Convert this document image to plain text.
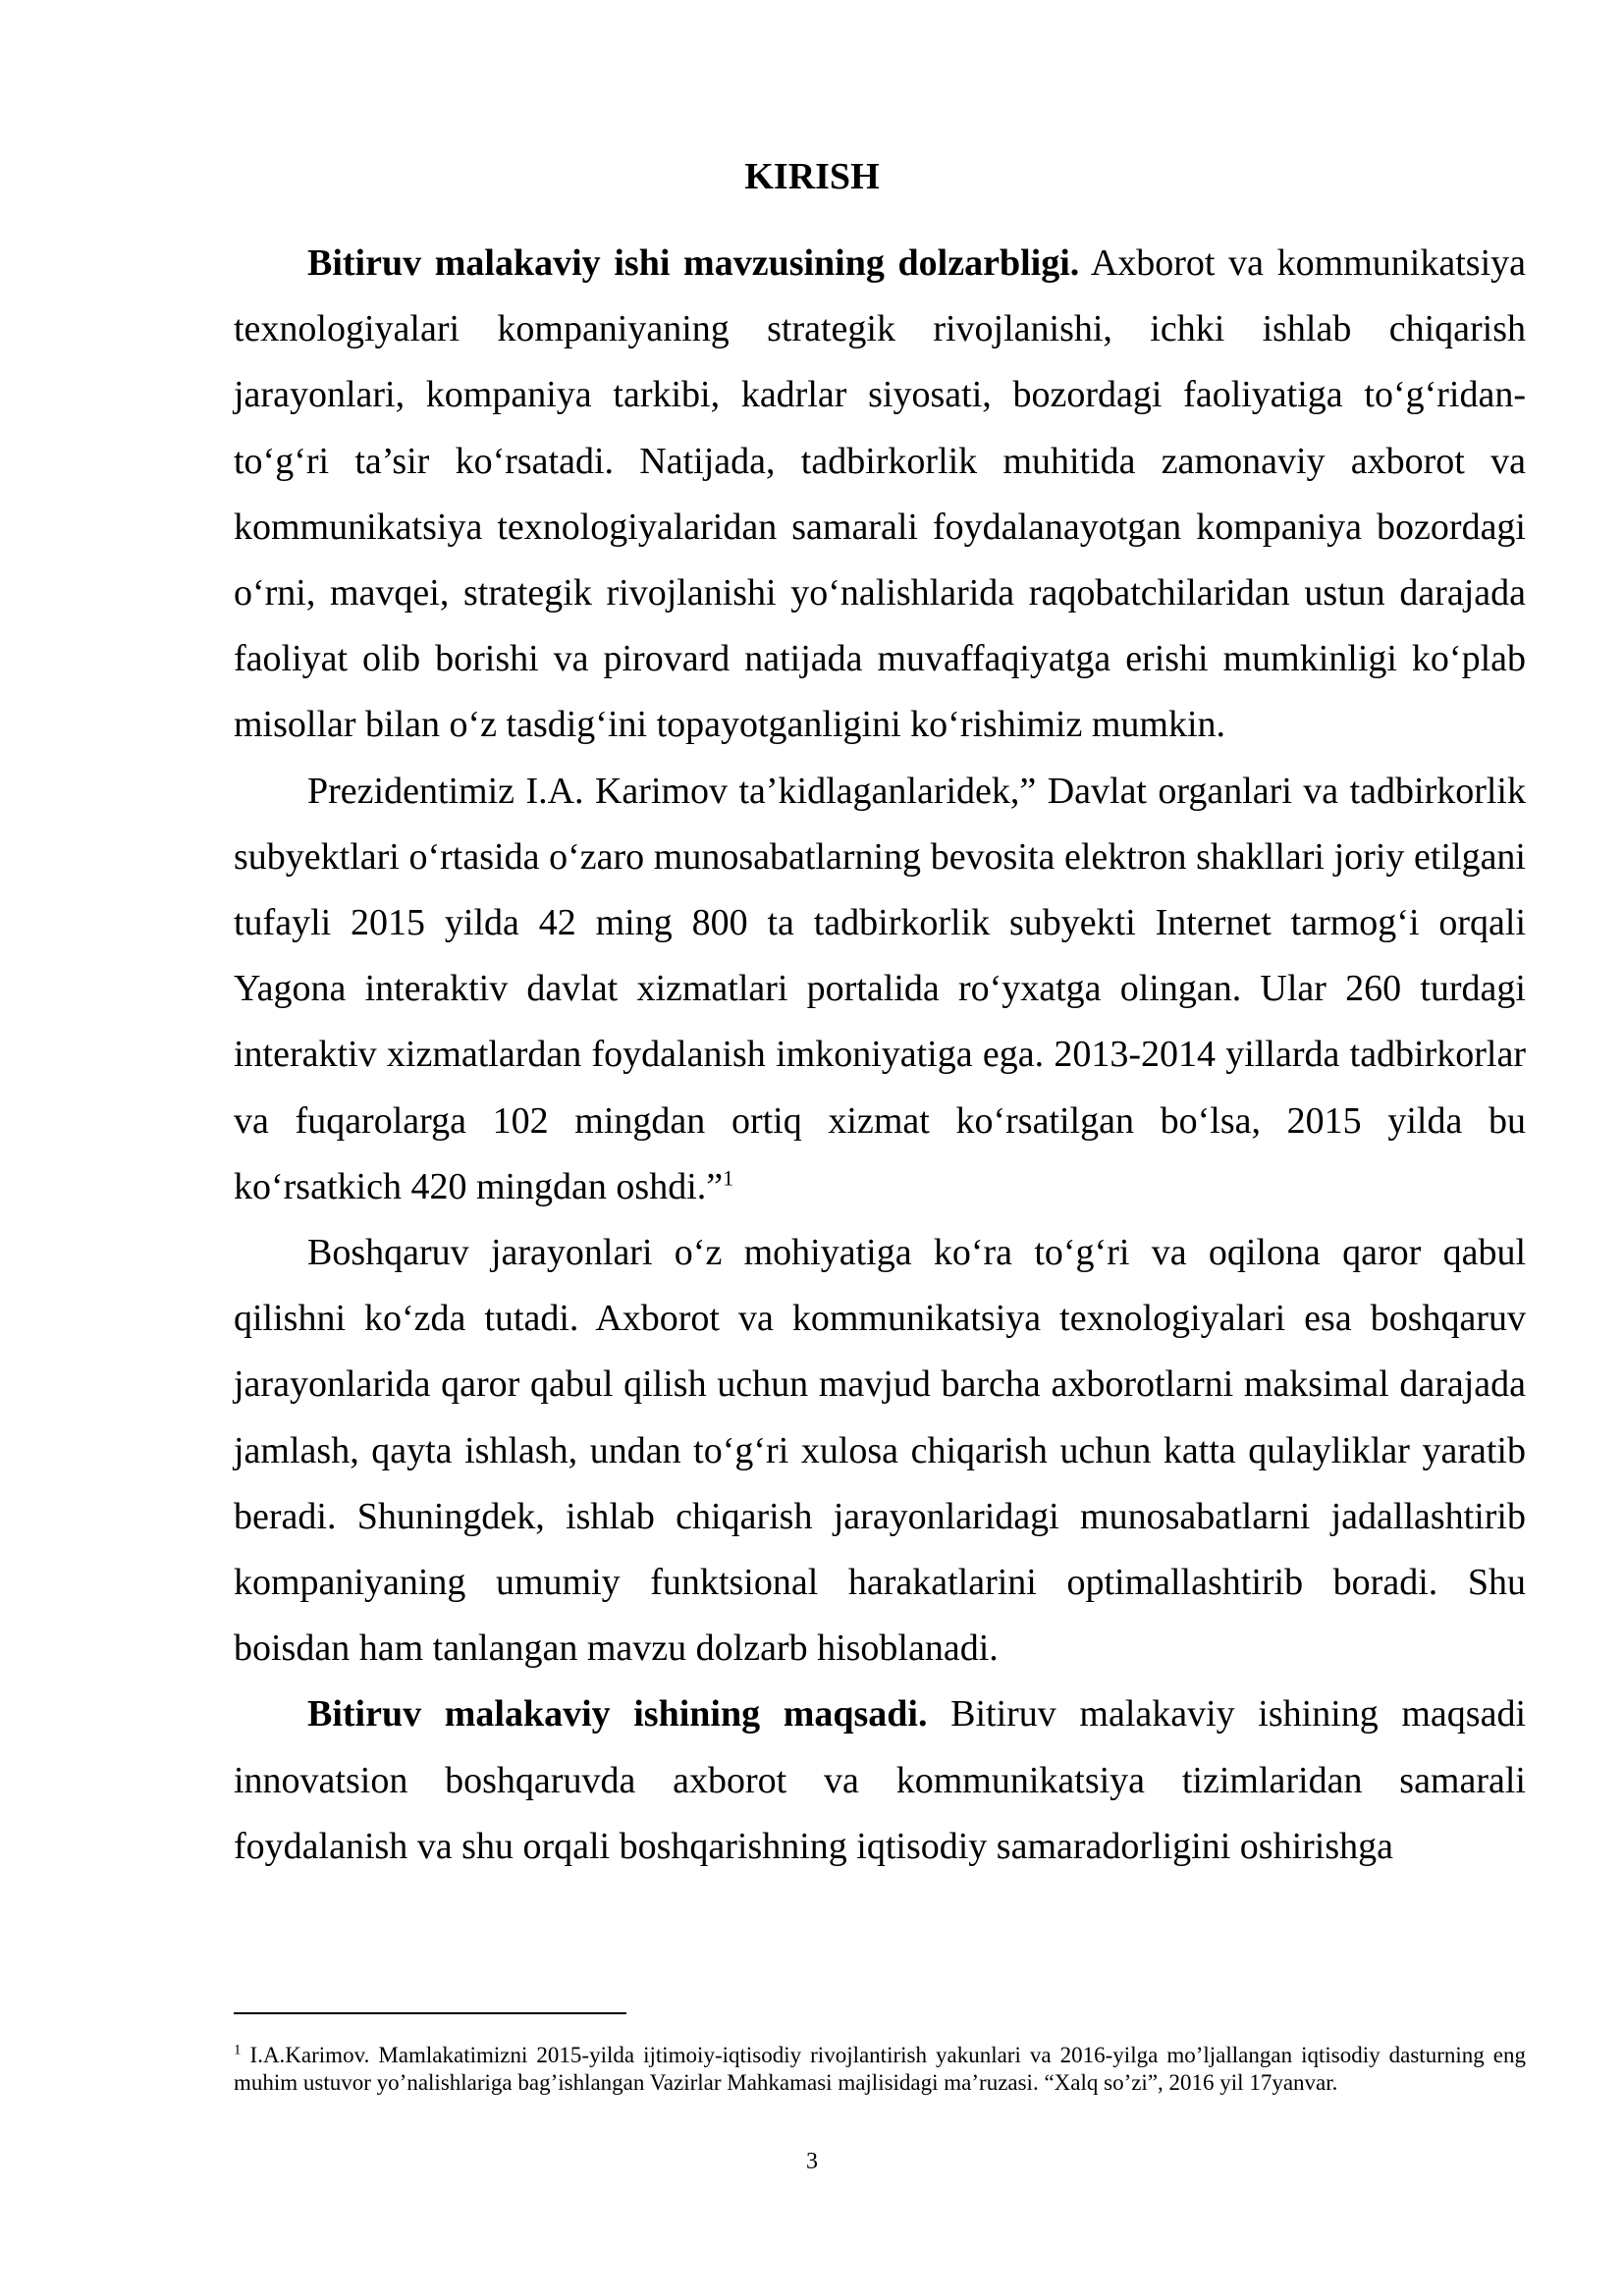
KIRISH

Bitiruv malakaviy ishi mavzusining dolzarbligi. Axborot va kommunikatsiya texnologiyalari kompaniyaning strategik rivojlanishi, ichki ishlab chiqarish jarayonlari, kompaniya tarkibi, kadrlar siyosati, bozordagi faoliyatiga to‘g‘ridan-to‘g‘ri ta’sir ko‘rsatadi. Natijada, tadbirkorlik muhitida zamonaviy axborot va kommunikatsiya texnologiyalaridan samarali foydalanayotgan kompaniya bozordagi o‘rni, mavqei, strategik rivojlanishi yo‘nalishlarida raqobatchilaridan ustun darajada faoliyat olib borishi va pirovard natijada muvaffaqiyatga erishi mumkinligi ko‘plab misollar bilan o‘z tasdig‘ini topayotganligini ko‘rishimiz mumkin.

Prezidentimiz I.A. Karimov ta’kidlaganlaridek,” Davlat organlari va tadbirkorlik subyektlari o‘rtasida o‘zaro munosabatlarning bevosita elektron shakllari joriy etilgani tufayli 2015 yilda 42 ming 800 ta tadbirkorlik subyekti Internet tarmog‘i orqali Yagona interaktiv davlat xizmatlari portalida ro‘yxatga olingan. Ular 260 turdagi interaktiv xizmatlardan foydalanish imkoniyatiga ega. 2013-2014 yillarda tadbirkorlar va fuqarolarga 102 mingdan ortiq xizmat ko‘rsatilgan bo‘lsa, 2015 yilda bu ko‘rsatkich 420 mingdan oshdi.”$^1$

Boshqaruv jarayonlari o‘z mohiyatiga ko‘ra to‘g‘ri va oqilona qaror qabul qilishni ko‘zda tutadi. Axborot va kommunikatsiya texnologiyalari esa boshqaruv jarayonlarida qaror qabul qilish uchun mavjud barcha axborotlarni maksimal darajada jamlash, qayta ishlash, undan to‘g‘ri xulosa chiqarish uchun katta qulayliklar yaratib beradi. Shuningdek, ishlab chiqarish jarayonlaridagi munosabatlarni jadallashtirib kompaniyaning umumiy funktsional harakatlarini optimallashtirib boradi. Shu boisdan ham tanlangan mavzu dolzarb hisoblanadi.

Bitiruv malakaviy ishining maqsadi. Bitiruv malakaviy ishining maqsadi innovatsion boshqaruvda axborot va kommunikatsiya tizimlaridan samarali foydalanish va shu orqali boshqarishning iqtisodiy samaradorligini oshirishga

$^1$ I.A.Karimov. Mamlakatimizni 2015-yilda ijtimoiy-iqtisodiy rivojlantirish yakunlari va 2016-yilga mo’ljallangan iqtisodiy dasturning eng muhim ustuvor yo’nalishlariga bag’ishlangan Vazirlar Mahkamasi majlisidagi ma’ruzasi. “Xalq so’zi”, 2016 yil 17yanvar.

3
